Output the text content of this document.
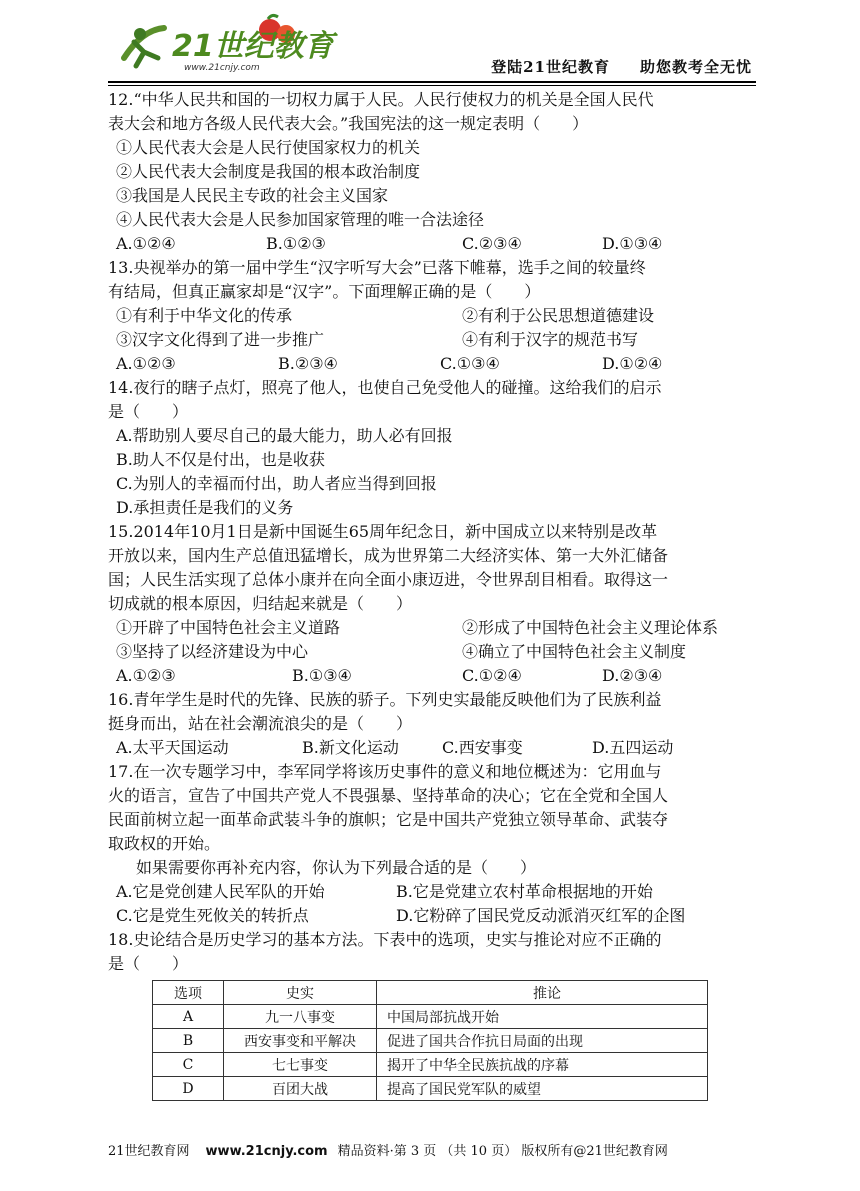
21世纪教育
www.21cnjy.com	登陆21世纪教育 助您教考全无忧
12.“中华人民共和国的一切权力属于人民。人民行使权力的机关是全国人民代
表大会和地方各级人民代表大会。”我国宪法的这一规定表明（　　）
①人民代表大会是人民行使国家权力的机关
②人民代表大会制度是我国的根本政治制度
③我国是人民民主专政的社会主义国家
④人民代表大会是人民参加国家管理的唯一合法途径
A.①②④	B.①②③	C.②③④	D.①③④
13.央视举办的第一届中学生“汉字听写大会”已落下帷幕，选手之间的较量终
有结局，但真正赢家却是“汉字”。下面理解正确的是（　　）
①有利于中华文化的传承	②有利于公民思想道德建设
③汉字文化得到了进一步推广	④有利于汉字的规范书写
A.①②③	B.②③④	C.①③④	D.①②④
14.夜行的瞎子点灯，照亮了他人，也使自己免受他人的碰撞。这给我们的启示
是（　　）
A.帮助别人要尽自己的最大能力，助人必有回报
B.助人不仅是付出，也是收获
C.为别人的幸福而付出，助人者应当得到回报
D.承担责任是我们的义务
15.2014年10月1日是新中国诞生65周年纪念日，新中国成立以来特别是改革
开放以来，国内生产总值迅猛增长，成为世界第二大经济实体、第一大外汇储备
国；人民生活实现了总体小康并在向全面小康迈进，令世界刮目相看。取得这一
切成就的根本原因，归结起来就是（　　）
①开辟了中国特色社会主义道路	②形成了中国特色社会主义理论体系
③坚持了以经济建设为中心	④确立了中国特色社会主义制度
A.①②③	B.①③④	C.①②④	D.②③④
16.青年学生是时代的先锋、民族的骄子。下列史实最能反映他们为了民族利益
挺身而出，站在社会潮流浪尖的是（　　）
A.太平天国运动	B.新文化运动	C.西安事变	D.五四运动
17.在一次专题学习中，李军同学将该历史事件的意义和地位概述为：它用血与
火的语言，宣告了中国共产党人不畏强暴、坚持革命的决心；它在全党和全国人
民面前树立起一面革命武装斗争的旗帜；它是中国共产党独立领导革命、武装夺
取政权的开始。
如果需要你再补充内容，你认为下列最合适的是（　　）
A.它是党创建人民军队的开始	B.它是党建立农村革命根据地的开始
C.它是党生死攸关的转折点	D.它粉碎了国民党反动派消灭红军的企图
18.史论结合是历史学习的基本方法。下表中的选项，史实与推论对应不正确的
是（　　）
选项	史实	推论
A	九一八事变	中国局部抗战开始
B	西安事变和平解决	促进了国共合作抗日局面的出现
C	七七事变	揭开了中华全民族抗战的序幕
D	百团大战	提高了国民党军队的威望
21世纪教育网 www.21cnjy.com 精品资料·第 3 页 （共 10 页） 版权所有@21世纪教育网
